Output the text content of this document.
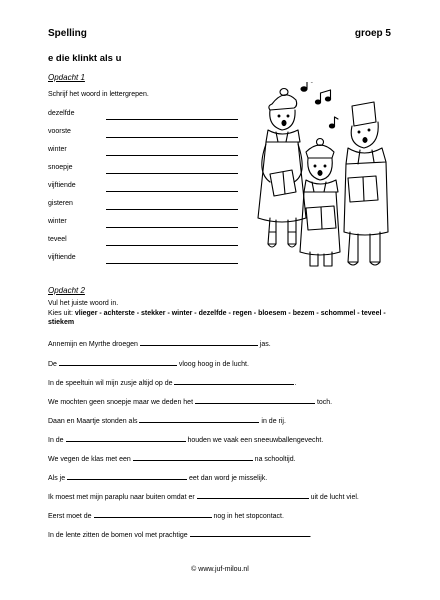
Spelling	groep 5
e die klinkt als u
Opdacht 1
Schrijf het woord in lettergrepen.
dezelfde
voorste
winter
snoepje
vijftiende
gisteren
winter
teveel
vijftiende
Opdacht 2
Vul het juiste woord in.
Kies uit: vlieger - achterste - stekker - winter - dezelfde - regen - bloesem - bezem - schommel - teveel - stiekem
Annemijn en Myrthe droegen	jas.
De	vloog hoog in de lucht.
In de speeltuin wil mijn zusje altijd op de	.
We mochten geen snoepje maar we deden het	toch.
Daan en Maartje stonden als	in de rij.
In de	houden we vaak een sneeuwballengevecht.
We vegen de klas met een	na schooltijd.
Als je	eet dan word je misselijk.
Ik moest met mijn paraplu naar buiten omdat er	uit de lucht viel.
Eerst moet de	nog in het stopcontact.
In de lente zitten de bomen vol met prachtige	.
© www.juf-milou.nl
